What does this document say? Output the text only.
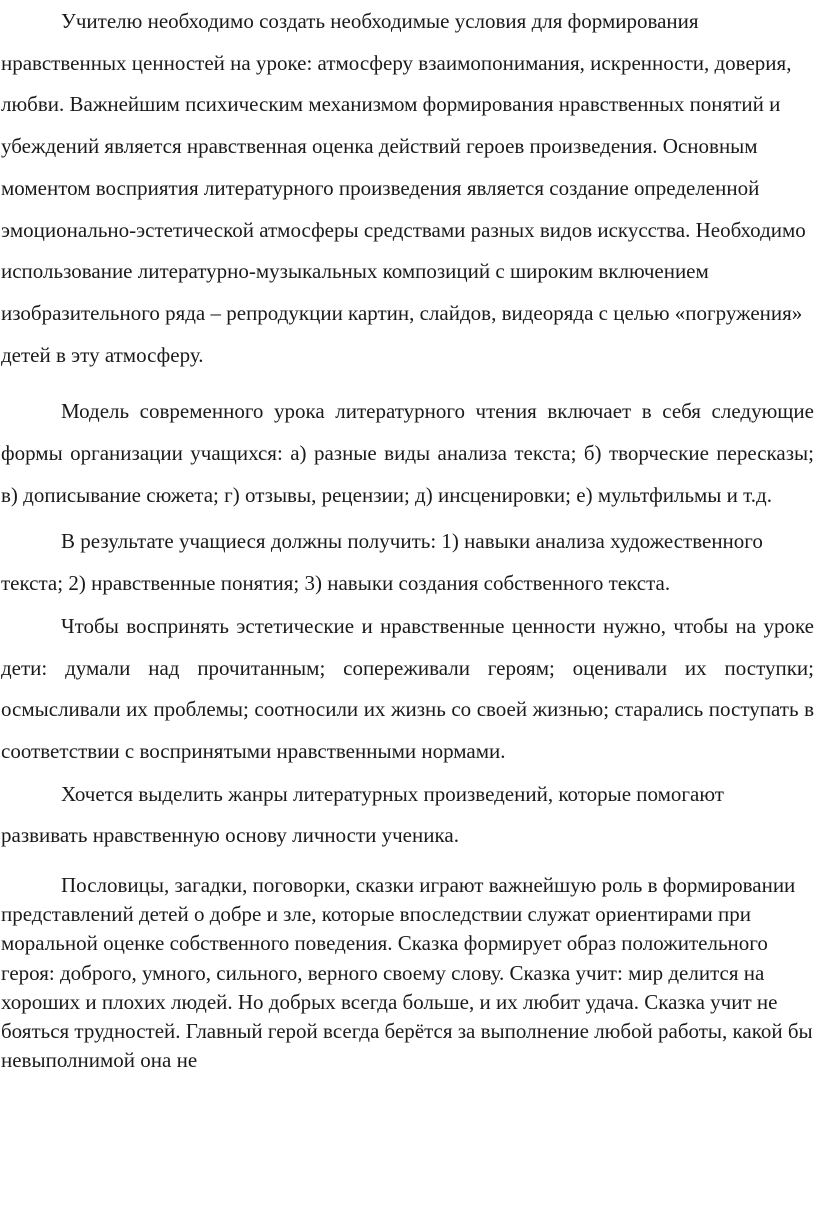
Учителю необходимо создать необходимые условия для формирования нравственных ценностей на уроке: атмосферу взаимопонимания, искренности, доверия, любви. Важнейшим психическим механизмом формирования нравственных понятий и убеждений является нравственная оценка действий героев произведения. Основным моментом восприятия литературного произведения является создание определенной эмоционально-эстетической атмосферы средствами разных видов искусства. Необходимо использование литературно-музыкальных композиций с широким включением изобразительного ряда – репродукции картин, слайдов, видеоряда с целью «погружения» детей в эту атмосферу.

Модель современного урока литературного чтения включает в себя следующие формы организации учащихся: а) разные виды анализа текста; б) творческие пересказы; в) дописывание сюжета; г) отзывы, рецензии; д) инсценировки; е) мультфильмы и т.д.

В результате учащиеся должны получить: 1) навыки анализа художественного текста; 2) нравственные понятия; 3) навыки создания собственного текста.

Чтобы воспринять эстетические и нравственные ценности нужно, чтобы на уроке дети: думали над прочитанным; сопереживали героям; оценивали их поступки; осмысливали их проблемы; соотносили их жизнь со своей жизнью; старались поступать в соответствии с воспринятыми нравственными нормами.

Хочется выделить жанры литературных произведений, которые помогают развивать нравственную основу личности ученика.

Пословицы, загадки, поговорки, сказки играют важнейшую роль в формировании представлений детей о добре и зле, которые впоследствии служат ориентирами при моральной оценке собственного поведения. Сказка формирует образ положительного героя: доброго, умного, сильного, верного своему слову. Сказка учит: мир делится на хороших и плохих людей. Но добрых всегда больше, и их любит удача. Сказка учит не бояться трудностей. Главный герой всегда берётся за выполнение любой работы, какой бы невыполнимой она не
